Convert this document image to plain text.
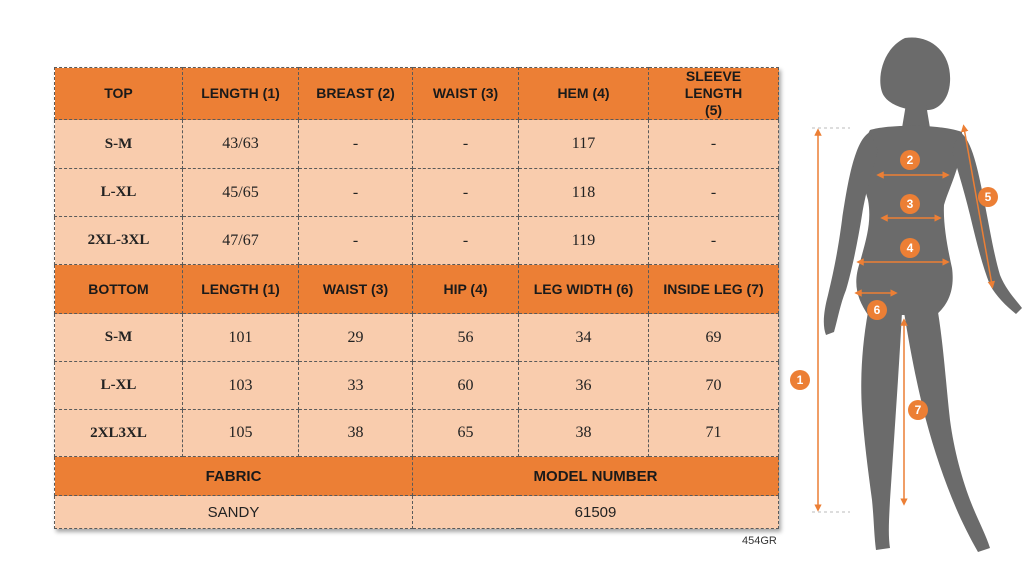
TOP	LENGTH (1)	BREAST (2)	WAIST (3)	HEM (4)	SLEEVE LENGTH (5)
S-M	43/63	-	-	117	-
L-XL	45/65	-	-	118	-
2XL-3XL	47/67	-	-	119	-
BOTTOM	LENGTH (1)	WAIST (3)	HIP (4)	LEG WIDTH (6)	INSIDE LEG (7)
S-M	101	29	56	34	69
L-XL	103	33	60	36	70
2XL3XL	105	38	65	38	71
FABRIC			MODEL NUMBER		
SANDY			61509		
454GR
1
2
3
4
5
6
7
